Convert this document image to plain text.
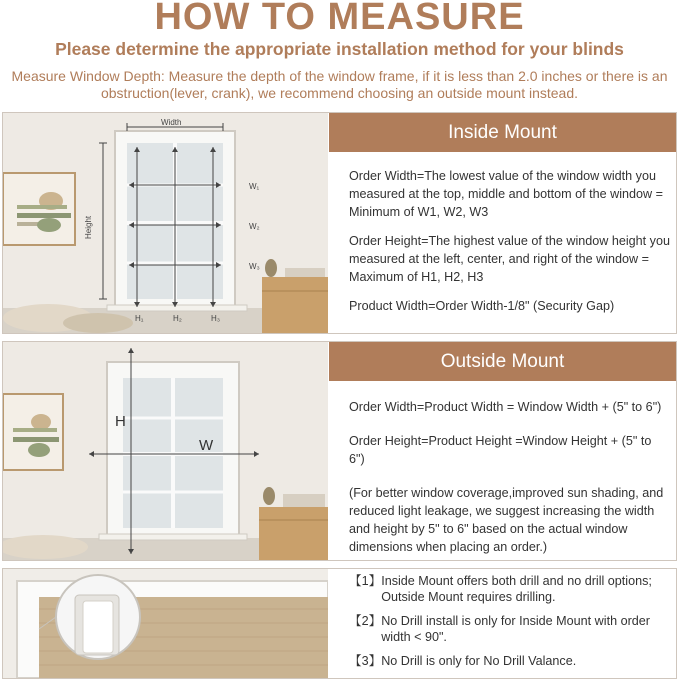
HOW TO MEASURE
Please determine the appropriate installation method for your blinds
Measure Window Depth: Measure the depth of the window frame, if it is less than 2.0 inches or there is an obstruction(lever, crank), we recommend choosing an outside mount instead.
Width
Height
W₁
W₂
W₃
H₁	H₂	H₃
Inside Mount

Order Width=The lowest value of the window width you measured at the top, middle and bottom of the window = Minimum of W1, W2, W3

Order Height=The highest value of the window height you measured at the left, center, and right of the window = Maximum of H1, H2, H3

Product Width=Order Width-1/8" (Security Gap)

H
W
Outside Mount

Order Width=Product Width = Window Width + (5" to 6")

Order Height=Product Height =Window Height + (5" to 6")

(For better window coverage,improved sun shading, and reduced light leakage, we suggest increasing the width and height by 5" to 6" based on the actual window dimensions when placing an order.)

【1】 Inside Mount offers both drill and no drill options; Outside Mount requires drilling.
【2】 No Drill install is only for Inside Mount with order width < 90".
【3】 No Drill is only for No Drill Valance.
